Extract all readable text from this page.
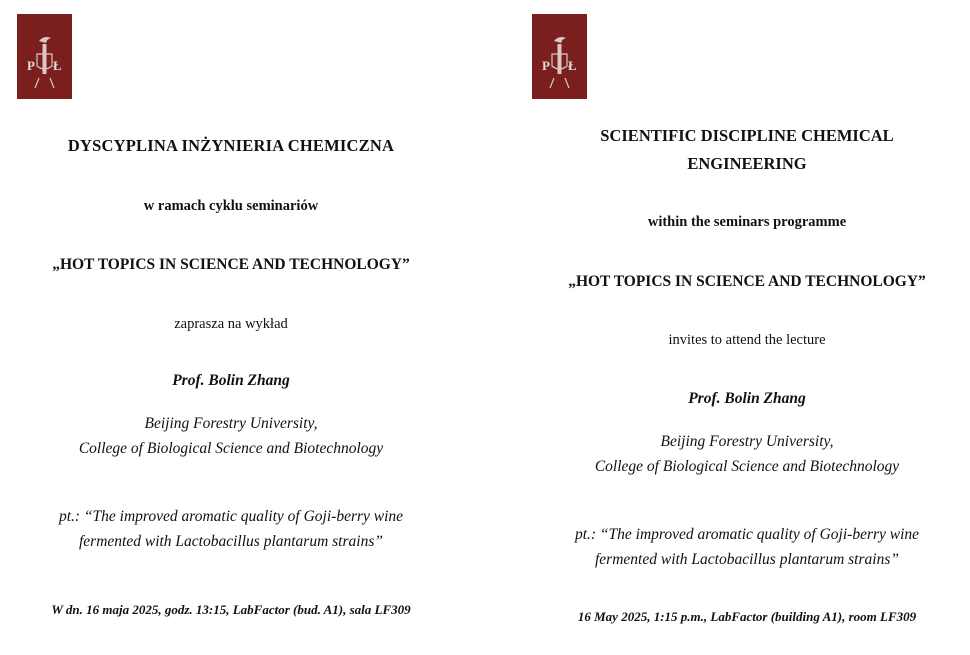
P Ł	P Ł

DYSCYPLINA INŻYNIERIA CHEMICZNA

w ramach cyklu seminariów

„HOT TOPICS IN SCIENCE AND TECHNOLOGY”

zaprasza na wykład

Prof. Bolin Zhang

Beijing Forestry University,

College of Biological Science and Biotechnology

pt.: “The improved aromatic quality of Goji-berry wine

fermented with Lactobacillus plantarum strains”

W dn. 16 maja 2025, godz. 13:15, LabFactor (bud. A1), sala LF309

SCIENTIFIC DISCIPLINE CHEMICAL ENGINEERING

within the seminars programme

„HOT TOPICS IN SCIENCE AND TECHNOLOGY”

invites to attend the lecture

Prof. Bolin Zhang

Beijing Forestry University,

College of Biological Science and Biotechnology

pt.: “The improved aromatic quality of Goji-berry wine

fermented with Lactobacillus plantarum strains”

16 May 2025, 1:15 p.m., LabFactor (building A1), room LF309
